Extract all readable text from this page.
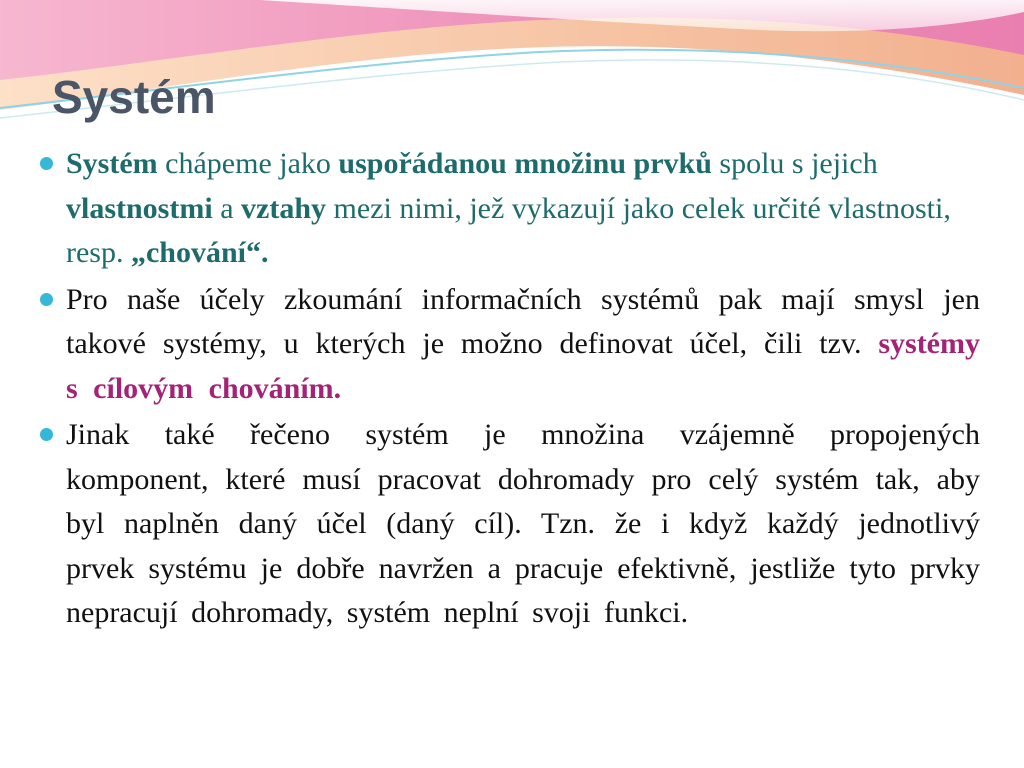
Systém
Systém chápeme jako uspořádanou množinu prvků spolu s jejich vlastnostmi a vztahy mezi nimi, jež vykazují jako celek určité vlastnosti, resp. „chování“.
Pro naše účely zkoumání informačních systémů pak mají smysl jen takové systémy, u kterých je možno definovat účel, čili tzv. systémy s cílovým chováním.
Jinak také řečeno systém je množina vzájemně propojených komponent, které musí pracovat dohromady pro celý systém tak, aby byl naplněn daný účel (daný cíl). Tzn. že i když každý jednotlivý prvek systému je dobře navržen a pracuje efektivně, jestliže tyto prvky nepracují dohromady, systém neplní svoji funkci.
